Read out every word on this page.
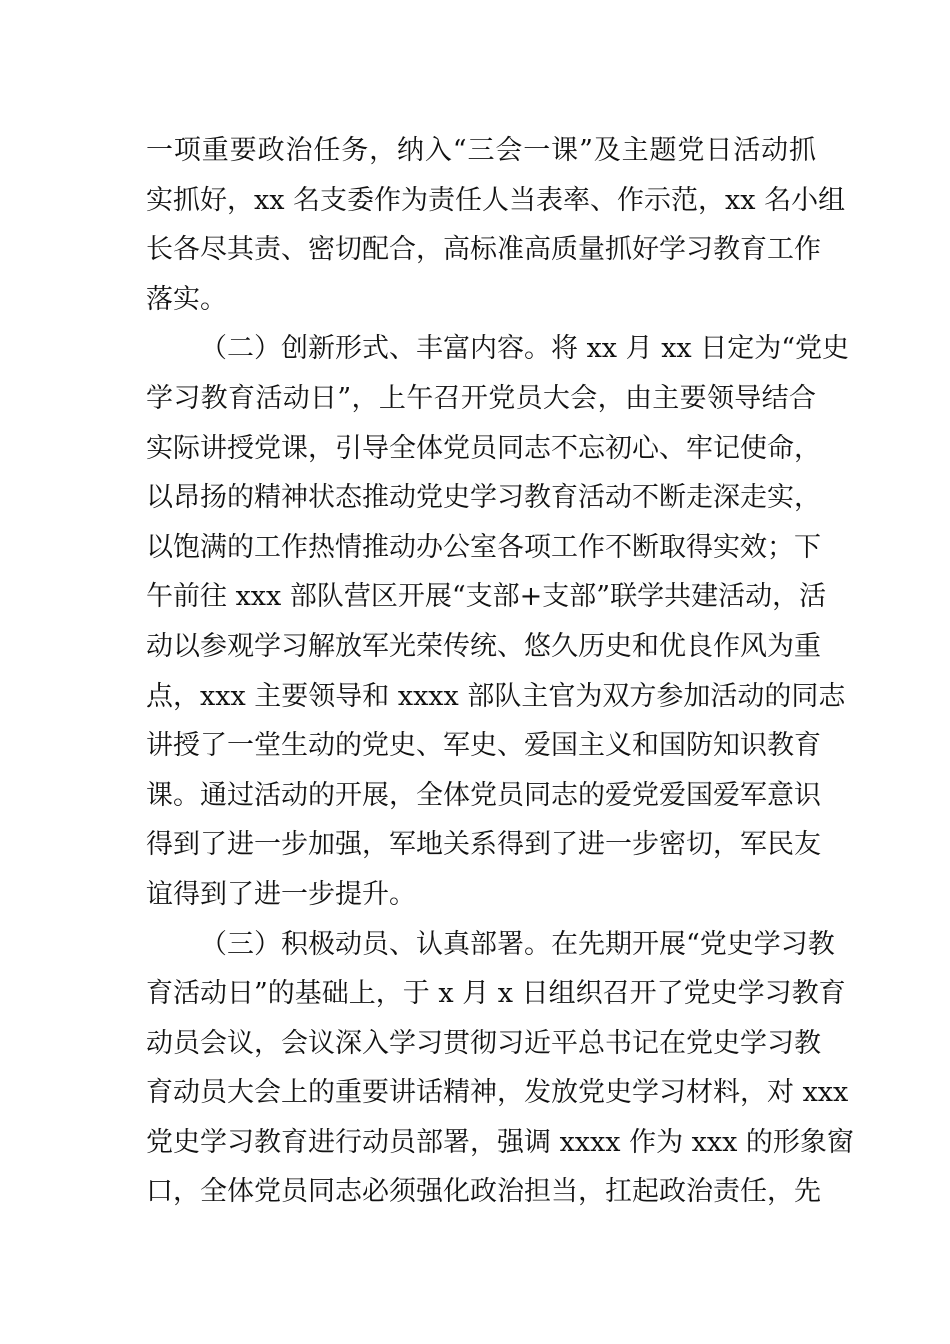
一项重要政治任务，纳入“三会一课”及主题党日活动抓
实抓好，xx 名支委作为责任人当表率、作示范，xx 名小组
长各尽其责、密切配合，高标准高质量抓好学习教育工作
落实。
（二）创新形式、丰富内容。将 xx 月 xx 日定为“党史
学习教育活动日”，上午召开党员大会，由主要领导结合
实际讲授党课，引导全体党员同志不忘初心、牢记使命，
以昂扬的精神状态推动党史学习教育活动不断走深走实，
以饱满的工作热情推动办公室各项工作不断取得实效；下
午前往 xxx 部队营区开展“支部+支部”联学共建活动，活
动以参观学习解放军光荣传统、悠久历史和优良作风为重
点，xxx 主要领导和 xxxx 部队主官为双方参加活动的同志
讲授了一堂生动的党史、军史、爱国主义和国防知识教育
课。通过活动的开展，全体党员同志的爱党爱国爱军意识
得到了进一步加强，军地关系得到了进一步密切，军民友
谊得到了进一步提升。
（三）积极动员、认真部署。在先期开展“党史学习教
育活动日”的基础上，于 x 月 x 日组织召开了党史学习教育
动员会议，会议深入学习贯彻习近平总书记在党史学习教
育动员大会上的重要讲话精神，发放党史学习材料，对 xxx
党史学习教育进行动员部署，强调 xxxx 作为 xxx 的形象窗
口，全体党员同志必须强化政治担当，扛起政治责任，先
